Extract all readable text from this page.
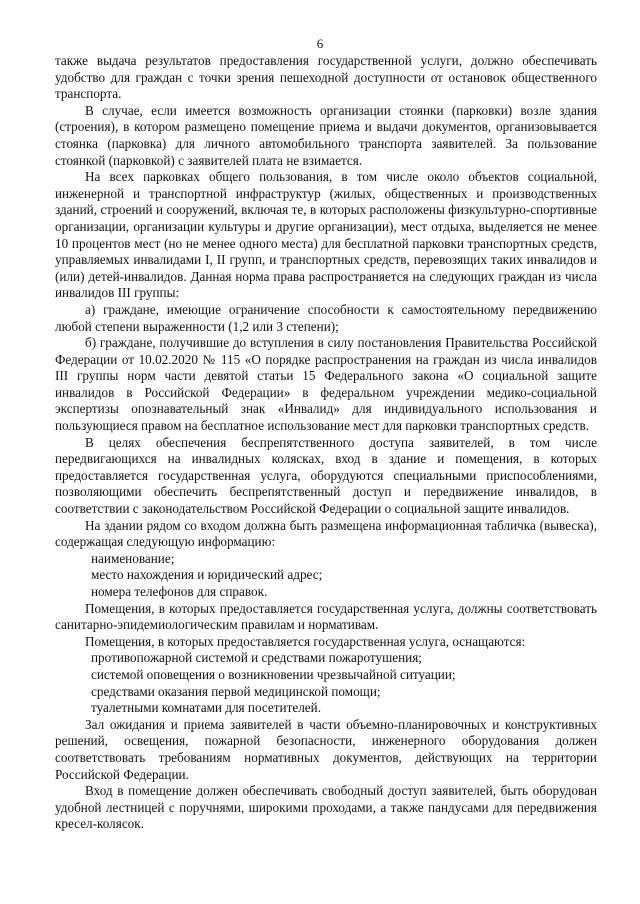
6

также выдача результатов предоставления государственной услуги, должно обеспечивать удобство для граждан с точки зрения пешеходной доступности от остановок общественного транспорта.

В случае, если имеется возможность организации стоянки (парковки) возле здания (строения), в котором размещено помещение приема и выдачи документов, организовывается стоянка (парковка) для личного автомобильного транспорта заявителей. За пользование стоянкой (парковкой) с заявителей плата не взимается.

На всех парковках общего пользования, в том числе около объектов социальной, инженерной и транспортной инфраструктур (жилых, общественных и производственных зданий, строений и сооружений, включая те, в которых расположены физкультурно-спортивные организации, организации культуры и другие организации), мест отдыха, выделяется не менее 10 процентов мест (но не менее одного места) для бесплатной парковки транспортных средств, управляемых инвалидами I, II групп, и транспортных средств, перевозящих таких инвалидов и (или) детей-инвалидов. Данная норма права распространяется на следующих граждан из числа инвалидов III группы:

а) граждане, имеющие ограничение способности к самостоятельному передвижению любой степени выраженности (1,2 или 3 степени);

б) граждане, получившие до вступления в силу постановления Правительства Российской Федерации от 10.02.2020 № 115 «О порядке распространения на граждан из числа инвалидов III группы норм части девятой статьи 15 Федерального закона «О социальной защите инвалидов в Российской Федерации» в федеральном учреждении медико-социальной экспертизы опознавательный знак «Инвалид» для индивидуального использования и пользующиеся правом на бесплатное использование мест для парковки транспортных средств.

В целях обеспечения беспрепятственного доступа заявителей, в том числе передвигающихся на инвалидных колясках, вход в здание и помещения, в которых предоставляется государственная услуга, оборудуются специальными приспособлениями, позволяющими обеспечить беспрепятственный доступ и передвижение инвалидов, в соответствии с законодательством Российской Федерации о социальной защите инвалидов.

На здании рядом со входом должна быть размещена информационная табличка (вывеска), содержащая следующую информацию:

наименование;

место нахождения и юридический адрес;

номера телефонов для справок.

Помещения, в которых предоставляется государственная услуга, должны соответствовать санитарно-эпидемиологическим правилам и нормативам.

Помещения, в которых предоставляется государственная услуга, оснащаются:

противопожарной системой и средствами пожаротушения;

системой оповещения о возникновении чрезвычайной ситуации;

средствами оказания первой медицинской помощи;

туалетными комнатами для посетителей.

Зал ожидания и приема заявителей в части объемно-планировочных и конструктивных решений, освещения, пожарной безопасности, инженерного оборудования должен соответствовать требованиям нормативных документов, действующих на территории Российской Федерации.

Вход в помещение должен обеспечивать свободный доступ заявителей, быть оборудован удобной лестницей с поручнями, широкими проходами, а также пандусами для передвижения кресел-колясок.
